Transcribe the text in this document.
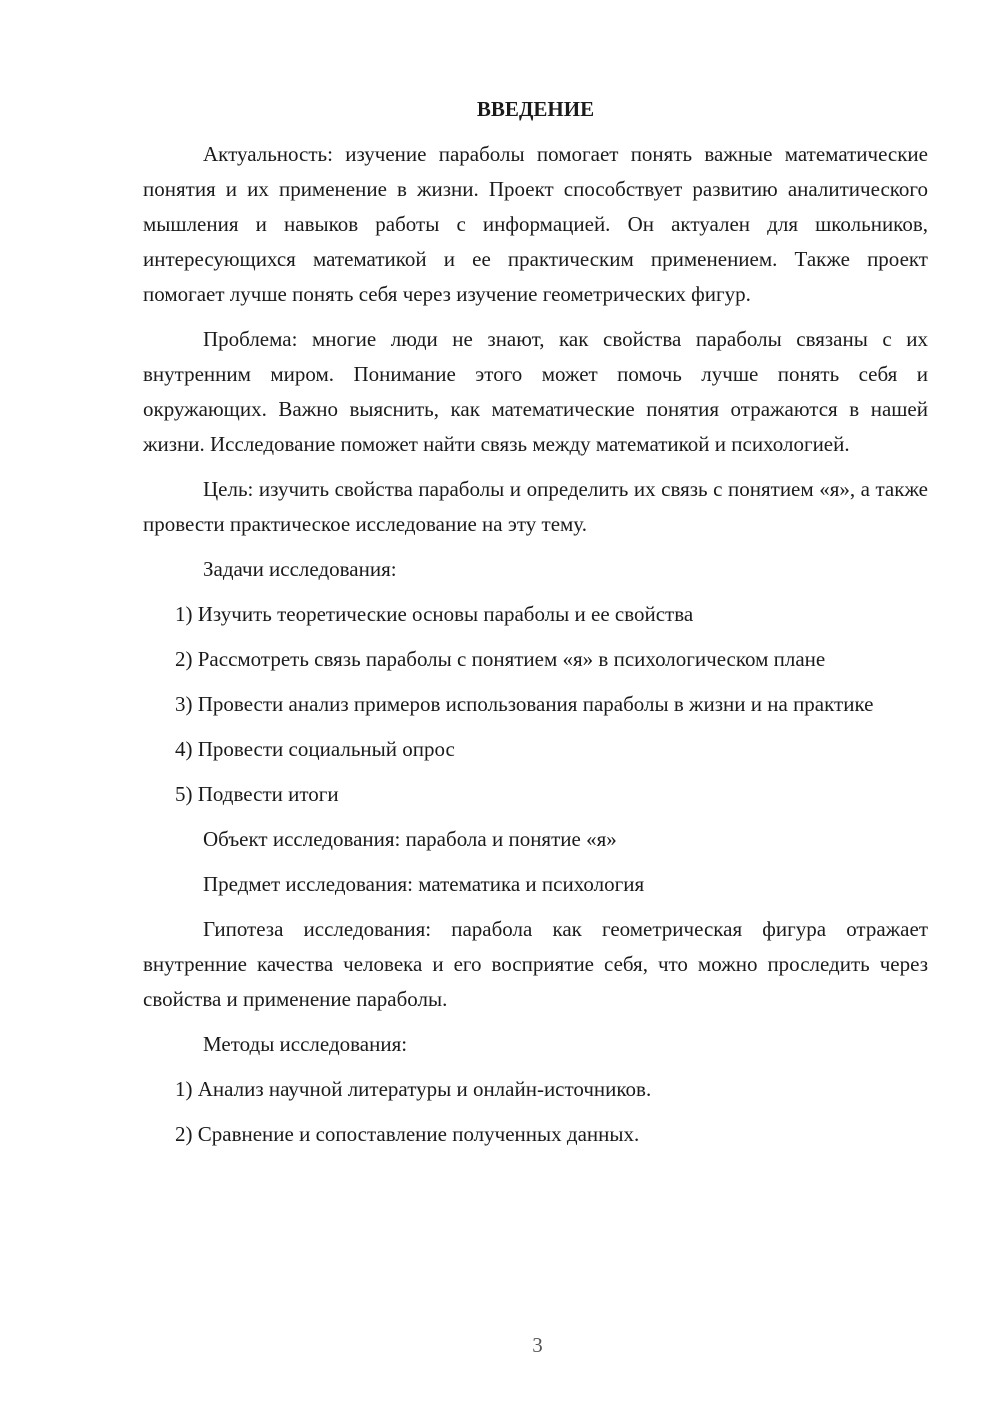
ВВЕДЕНИЕ
Актуальность: изучение параболы помогает понять важные математические понятия и их применение в жизни. Проект способствует развитию аналитического мышления и навыков работы с информацией. Он актуален для школьников, интересующихся математикой и ее практическим применением. Также проект помогает лучше понять себя через изучение геометрических фигур.
Проблема: многие люди не знают, как свойства параболы связаны с их внутренним миром. Понимание этого может помочь лучше понять себя и окружающих. Важно выяснить, как математические понятия отражаются в нашей жизни. Исследование поможет найти связь между математикой и психологией.
Цель: изучить свойства параболы и определить их связь с понятием «я», а также провести практическое исследование на эту тему.
Задачи исследования:
1) Изучить теоретические основы параболы и ее свойства
2) Рассмотреть связь параболы с понятием «я» в психологическом плане
3) Провести анализ примеров использования параболы в жизни и на практике
4) Провести социальный опрос
5) Подвести итоги
Объект исследования: парабола и понятие «я»
Предмет исследования: математика и психология
Гипотеза исследования: парабола как геометрическая фигура отражает внутренние качества человека и его восприятие себя, что можно проследить через свойства и применение параболы.
Методы исследования:
1) Анализ научной литературы и онлайн-источников.
2) Сравнение и сопоставление полученных данных.
3
